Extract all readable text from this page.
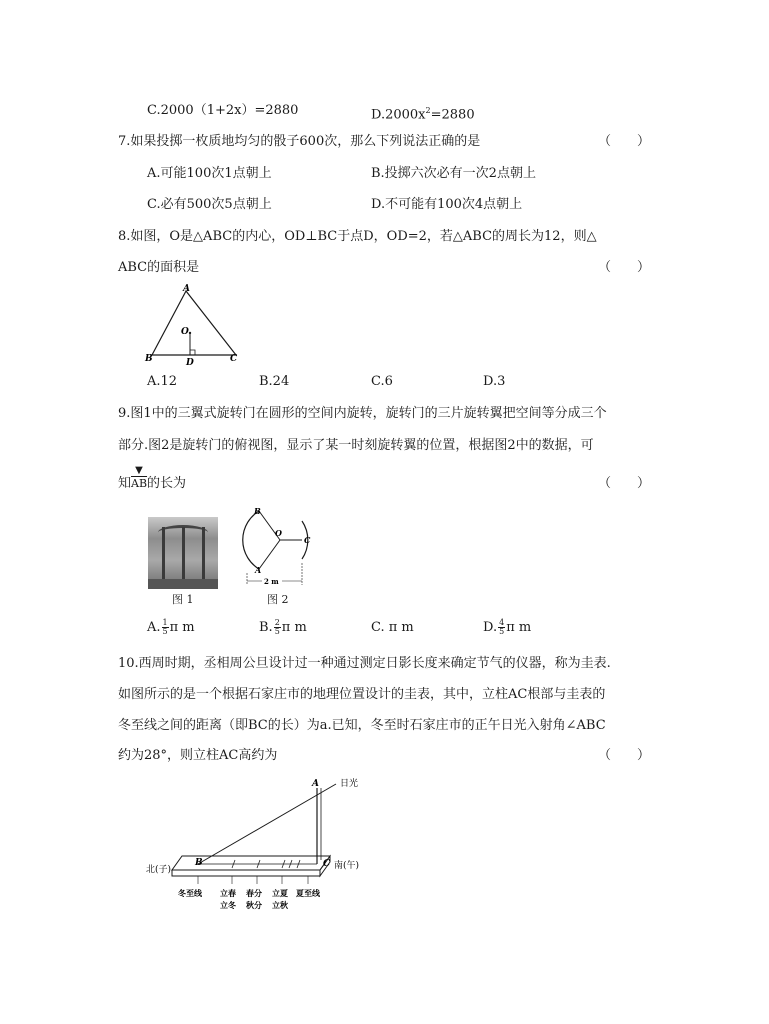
C.2000（1+2x）=2880	$D.2000x^2=2880$
7.如果投掷一枚质地均匀的骰子600次，那么下列说法正确的是	（　　）
A.可能100次1点朝上	B.投掷六次必有一次2点朝上
C.必有500次5点朝上	D.不可能有100次4点朝上
8.如图，O是△ABC的内心，OD⊥BC于点D，OD=2，若△ABC的周长为12，则△
ABC的面积是	（　　）
A
B	C
O
D
A.12	B.24	C.6	D.3
9.图1中的三翼式旋转门在圆形的空间内旋转，旋转门的三片旋转翼把空间等分成三个
部分.图2是旋转门的俯视图，显示了某一时刻旋转翼的位置，根据图2中的数据，可
知
▼
$\overline{AB}$的长为	（　　）
图 1
2 m
B
O
C
A
图 2
A. $\frac{1}{5}$ π m	B. $\frac{2}{5}$ π m	C. π m	D. $\frac{4}{5}$ π m
10.西周时期，丞相周公旦设计过一种通过测定日影长度来确定节气的仪器，称为圭表.
如图所示的是一个根据石家庄市的地理位置设计的圭表，其中，立柱AC根部与圭表的
冬至线之间的距离（即BC的长）为a.已知，冬至时石家庄市的正午日光入射角∠ABC
约为28°，则立柱AC高约为	（　　）
A 日光
北(子)	南(午)
B	C
冬至线 立春 春分 立夏 夏至线
立冬 秋分 立秋
